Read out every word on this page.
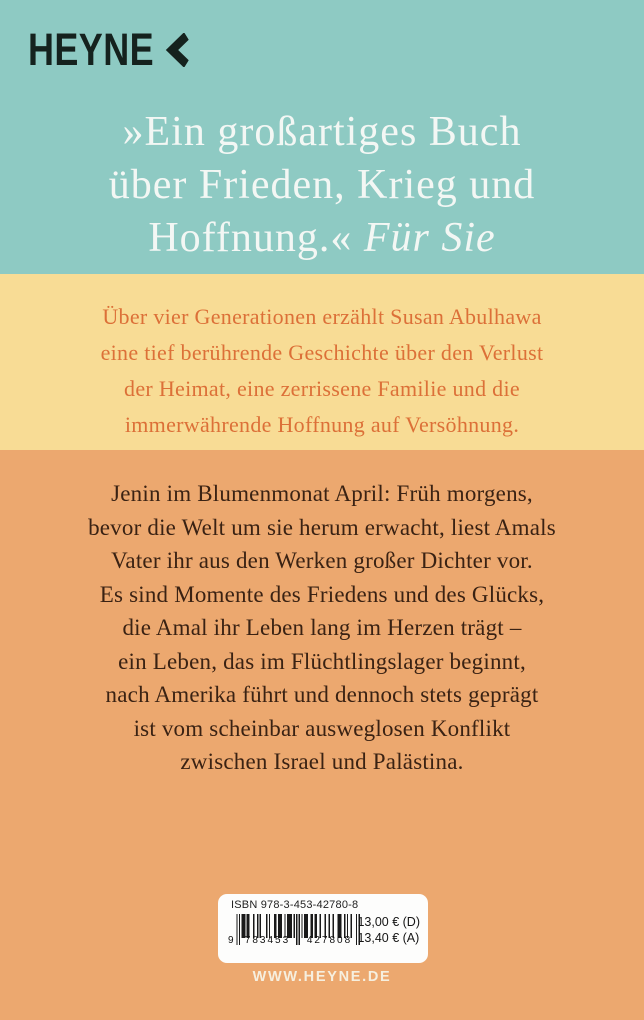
HEYNE
»Ein großartiges Buch
über Frieden, Krieg und
Hoffnung.« Für Sie
Über vier Generationen erzählt Susan Abulhawa
eine tief berührende Geschichte über den Verlust
der Heimat, eine zerrissene Familie und die
immerwährende Hoffnung auf Versöhnung.
Jenin im Blumenmonat April: Früh morgens,
bevor die Welt um sie herum erwacht, liest Amals
Vater ihr aus den Werken großer Dichter vor.
Es sind Momente des Friedens und des Glücks,
die Amal ihr Leben lang im Herzen trägt –
ein Leben, das im Flüchtlingslager beginnt,
nach Amerika führt und dennoch stets geprägt
ist vom scheinbar ausweglosen Konflikt
zwischen Israel und Palästina.
ISBN 978-3-453-42780-8
9	783453	427808
13,00 € (D)
13,40 € (A)
WWW.HEYNE.DE
